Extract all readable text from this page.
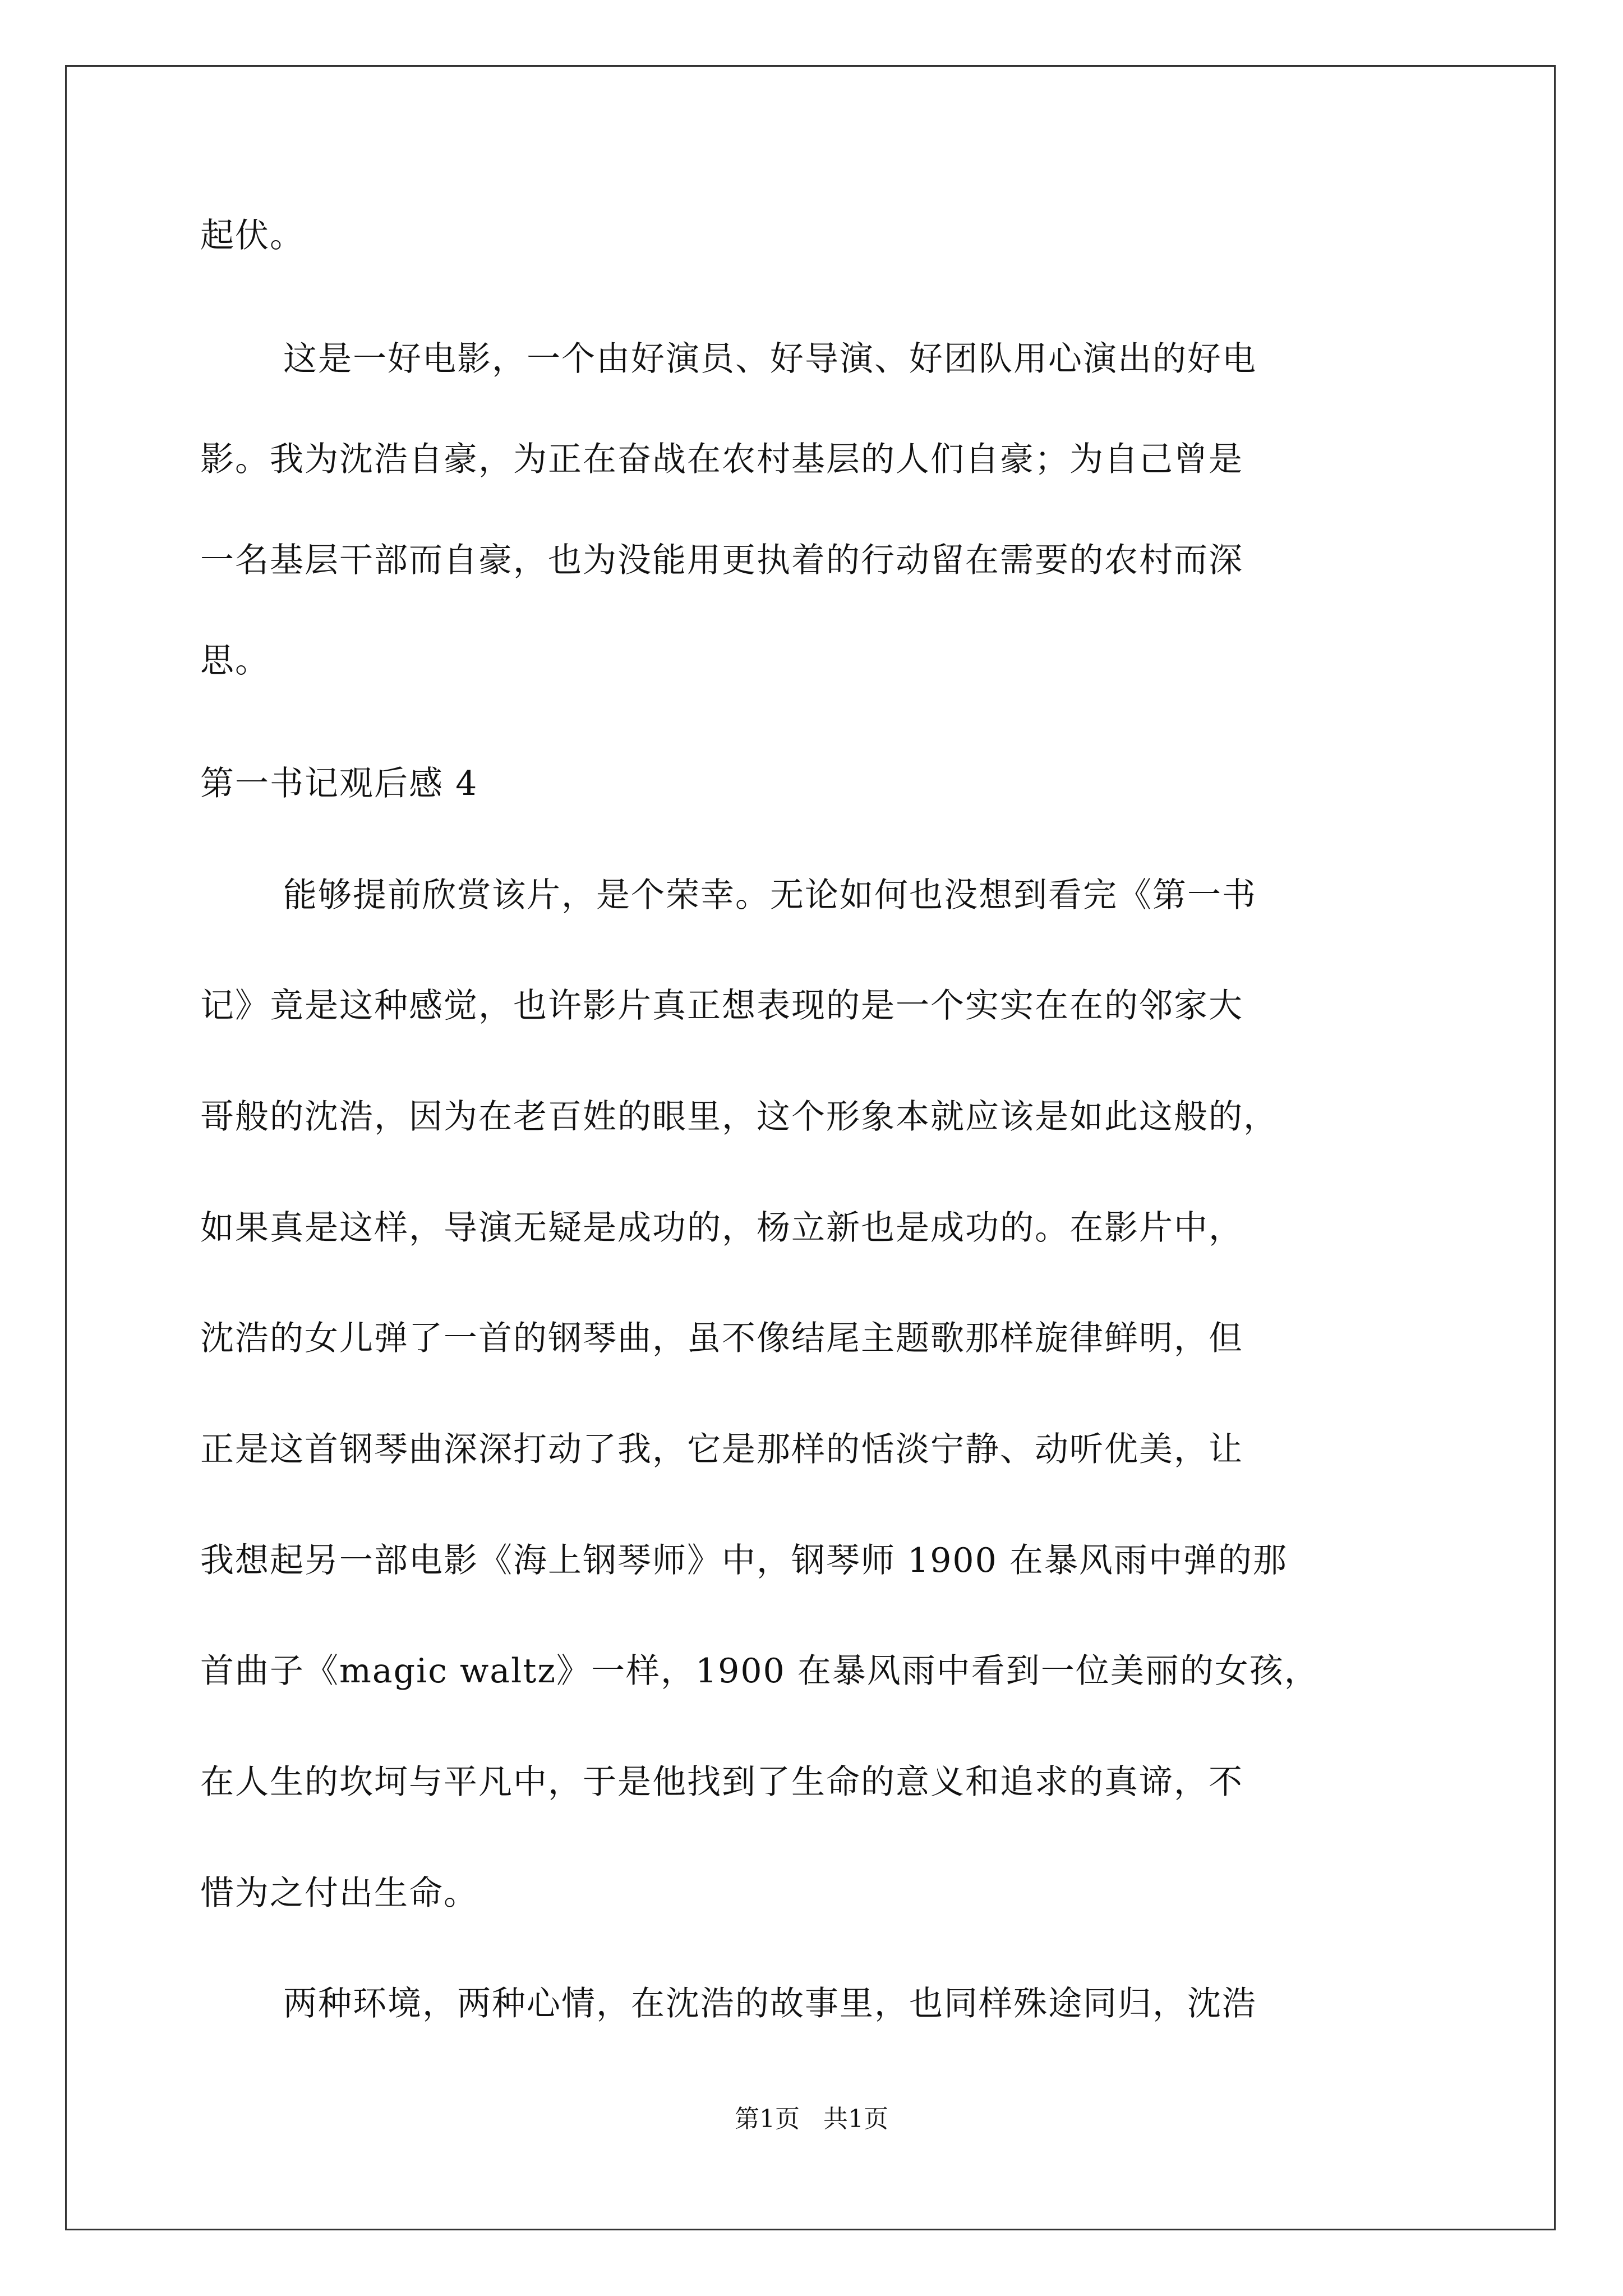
起伏。
这是一好电影，一个由好演员、好导演、好团队用心演出的好电
影。我为沈浩自豪，为正在奋战在农村基层的人们自豪；为自己曾是
一名基层干部而自豪，也为没能用更执着的行动留在需要的农村而深
思。
第一书记观后感 4
能够提前欣赏该片，是个荣幸。无论如何也没想到看完《第一书
记》竟是这种感觉，也许影片真正想表现的是一个实实在在的邻家大
哥般的沈浩，因为在老百姓的眼里，这个形象本就应该是如此这般的，
如果真是这样，导演无疑是成功的，杨立新也是成功的。在影片中，
沈浩的女儿弹了一首的钢琴曲，虽不像结尾主题歌那样旋律鲜明，但
正是这首钢琴曲深深打动了我，它是那样的恬淡宁静、动听优美，让
我想起另一部电影《海上钢琴师》中，钢琴师 1900 在暴风雨中弹的那
首曲子《magic waltz》一样，1900 在暴风雨中看到一位美丽的女孩，
在人生的坎坷与平凡中，于是他找到了生命的意义和追求的真谛，不
惜为之付出生命。
两种环境，两种心情，在沈浩的故事里，也同样殊途同归，沈浩
第1页   共1页
